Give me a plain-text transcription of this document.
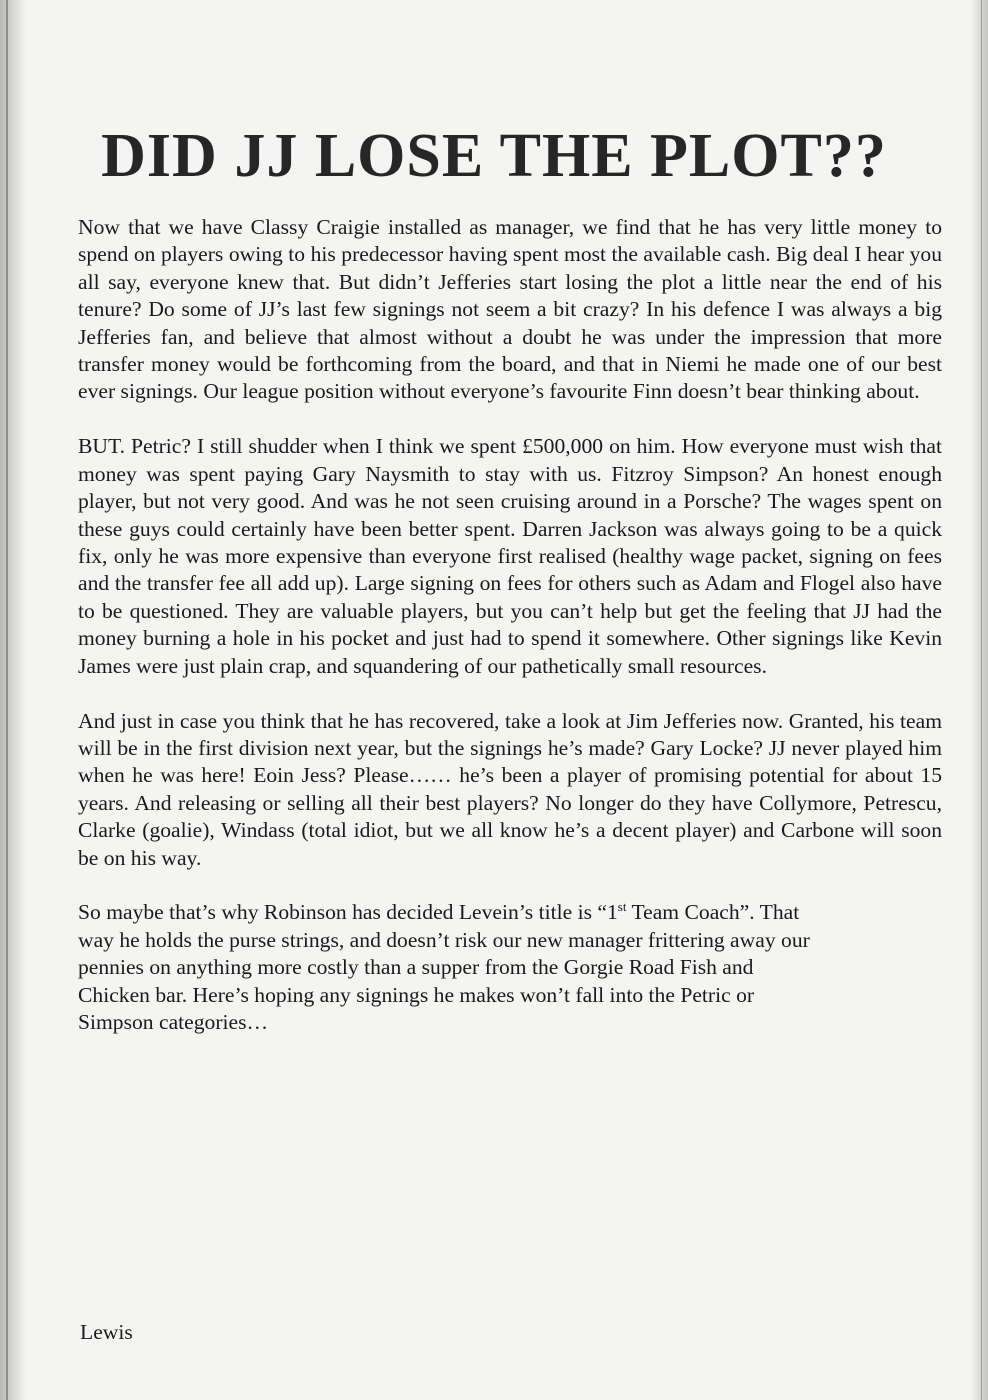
DID JJ LOSE THE PLOT??

Now that we have Classy Craigie installed as manager, we find that he has very little money to spend on players owing to his predecessor having spent most the available cash. Big deal I hear you all say, everyone knew that. But didn’t Jefferies start losing the plot a little near the end of his tenure? Do some of JJ’s last few signings not seem a bit crazy? In his defence I was always a big Jefferies fan, and believe that almost without a doubt he was under the impression that more transfer money would be forthcoming from the board, and that in Niemi he made one of our best ever signings. Our league position without everyone’s favourite Finn doesn’t bear thinking about.

BUT. Petric? I still shudder when I think we spent £500,000 on him. How everyone must wish that money was spent paying Gary Naysmith to stay with us. Fitzroy Simpson? An honest enough player, but not very good. And was he not seen cruising around in a Porsche? The wages spent on these guys could certainly have been better spent. Darren Jackson was always going to be a quick fix, only he was more expensive than everyone first realised (healthy wage packet, signing on fees and the transfer fee all add up). Large signing on fees for others such as Adam and Flogel also have to be questioned. They are valuable players, but you can’t help but get the feeling that JJ had the money burning a hole in his pocket and just had to spend it somewhere. Other signings like Kevin James were just plain crap, and squandering of our pathetically small resources.

And just in case you think that he has recovered, take a look at Jim Jefferies now. Granted, his team will be in the first division next year, but the signings he’s made? Gary Locke? JJ never played him when he was here! Eoin Jess? Please…… he’s been a player of promising potential for about 15 years. And releasing or selling all their best players? No longer do they have Collymore, Petrescu, Clarke (goalie), Windass (total idiot, but we all know he’s a decent player) and Carbone will soon be on his way.

So maybe that’s why Robinson has decided Levein’s title is “1st Team Coach”. That

way he holds the purse strings, and doesn’t risk our new manager frittering away our

pennies on anything more costly than a supper from the Gorgie Road Fish and

Chicken bar. Here’s hoping any signings he makes won’t fall into the Petric or

Simpson categories…

Lewis
